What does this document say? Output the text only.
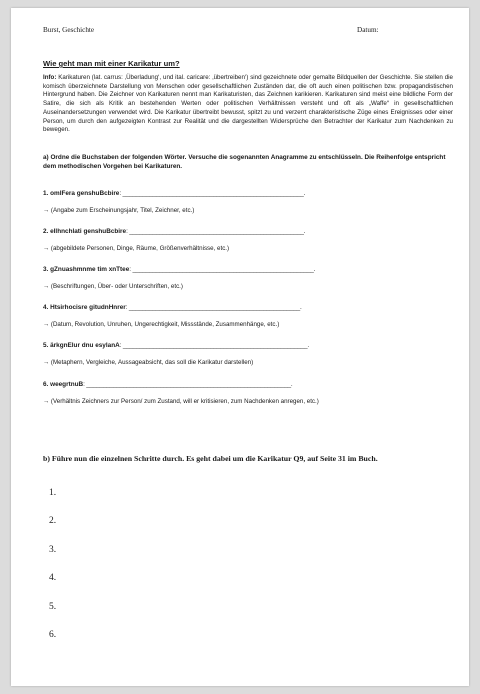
Burst, Geschichte	Datum:
Wie geht man mit einer Karikatur um?
Info: Karikaturen (lat. carrus: ‚Überladung‘, und ital. caricare: ‚übertreiben‘) sind gezeichnete oder gemalte Bildquellen der Geschichte. Sie stellen die komisch überzeichnete Darstellung von Menschen oder gesellschaftlichen Zuständen dar, die oft auch einen politischen bzw. propagandistischen Hintergrund haben. Die Zeichner von Karikaturen nennt man Karikaturisten, das Zeichnen karikieren. Karikaturen sind meist eine bildliche Form der Satire, die sich als Kritik an bestehenden Werten oder politischen Verhältnissen versteht und oft als „Waffe“ in gesellschaftlichen Auseinandersetzungen verwendet wird. Die Karikatur übertreibt bewusst, spitzt zu und verzerrt charakteristische Züge eines Ereignisses oder einer Person, um durch den aufgezeigten Kontrast zur Realität und die dargestellten Widersprüche den Betrachter der Karikatur zum Nachdenken zu bewegen.
a) Ordne die Buchstaben der folgenden Wörter. Versuche die sogenannten Anagramme zu entschlüsseln. Die Reihenfolge entspricht dem methodischen Vorgehen bei Karikaturen.
1. omlFera genshuBcbire: ______________________________________________________.
→ (Angabe zum Erscheinungsjahr, Titel, Zeichner, etc.)
2. ellhnchlati genshuBcbire: ____________________________________________________.
→ (abgebildete Personen, Dinge, Räume, Größenverhältnisse, etc.)
3. gZnuashmnme tim xnTtee: ______________________________________________________.
→ (Beschriftungen, Über- oder Unterschriften, etc.)
4. Htsirhocisre gitudnHnrer: ___________________________________________________.
→ (Datum, Revolution, Unruhen, Ungerechtigkeit, Missstände, Zusammenhänge, etc.)
5. ärkgnElur dnu esylanA: _______________________________________________________.
→ (Metaphern, Vergleiche, Aussageabsicht, das soll die Karikatur darstellen)
6. weegrtnuB: _____________________________________________________________.
→ (Verhältnis Zeichners zur Person/ zum Zustand, will er kritisieren, zum Nachdenken anregen, etc.)
b) Führe nun die einzelnen Schritte durch. Es geht dabei um die Karikatur Q9, auf Seite 31 im Buch.
1.
2.
3.
4.
5.
6.
